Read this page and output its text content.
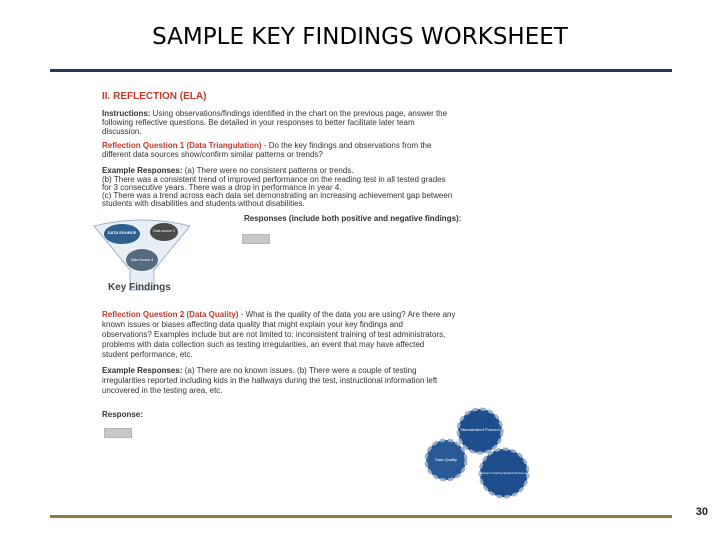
SAMPLE KEY FINDINGS WORKSHEET
II. REFLECTION (ELA)
Instructions: Using observations/findings identified in the chart on the previous page, answer the
following reflective questions. Be detailed in your responses to better facilitate later team
discussion.
Reflection Question 1 (Data Triangulation) - Do the key findings and observations from the
different data sources show/confirm similar patterns or trends?
Example Responses: (a) There were no consistent patterns or trends.
(b) There was a consistent trend of improved performance on the reading test in all tested grades
for 3 consecutive years. There was a drop in performance in year 4.
(c) There was a trend across each data set demonstrating an increasing achievement gap between
students with disabilities and students without disabilities.
Responses (include both positive and negative findings):
Reflection Question 2 (Data Quality) - What is the quality of the data you are using? Are there any
known issues or biases affecting data quality that might explain your key findings and
observations? Examples include but are not limited to: inconsistent training of test administrators,
problems with data collection such as testing irregularities, an event that may have affected
student performance, etc.
Example Responses: (a) There are no known issues. (b) There were a couple of testing
irregularities reported including kids in the hallways during the test, instructional information left
uncovered in the testing area, etc.
Response:
DATA SOURCE	Data source 2
Data Source 3
Key Findings
Standardized Protocol
Data Quality
Consistent Training Student Performance
30
